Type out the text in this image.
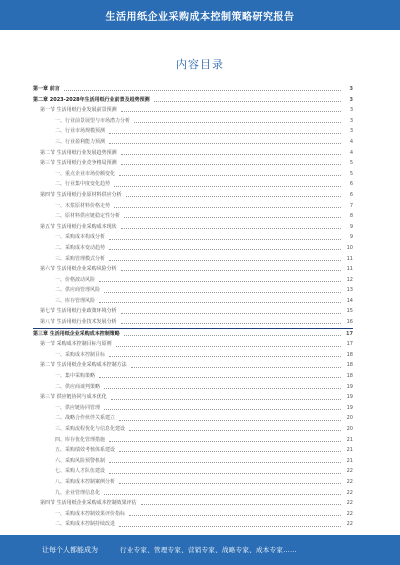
生活用纸企业采购成本控制策略研究报告
内容目录
第一章 前言	3
第二章 2023-2028年生活用纸行业前景及趋势预测	3
第一节 生活用纸行业发展前景预测	3
一、行业前景展望与市场潜力分析	3
二、行业市场规模预测	3
三、行业盈利能力预测	4
第二节 生活用纸行业发展趋势预测	4
第三节 生活用纸行业竞争格局预测	5
一、重点企业市场份额变化	5
二、行业集中度变化趋势	6
第四节 生活用纸行业原材料供应分析	6
一、木浆原材料价格走势	7
二、原材料供应链稳定性分析	8
第五节 生活用纸行业采购成本现状	9
一、采购成本构成分析	9
二、采购成本变动趋势	10
三、采购管理模式分析	11
第六节 生活用纸企业采购风险分析	11
一、价格波动风险	12
二、供应商管理风险	13
三、库存管理风险	14
第七节 生活用纸行业政策环境分析	15
第八节 生活用纸行业技术发展分析	16
第三章 生活用纸企业采购成本控制策略	17
第一节 采购成本控制目标与原则	17
一、采购成本控制目标	18
第二节 生活用纸企业采购成本控制方法	18
一、集中采购策略	18
二、供应商谈判策略	19
第三节 供应链协同与成本优化	19
一、供应链协同管理	19
二、战略合作伙伴关系建立	20
三、采购流程优化与信息化建设	20
四、库存优化管理措施	21
五、采购绩效考核体系建设	21
六、采购风险预警机制	21
七、采购人才队伍建设	22
八、采购成本控制案例分析	22
九、企业管理信息化	22
第四节 生活用纸企业采购成本控制效果评估	22
一、采购成本控制效果评价指标	22
二、采购成本控制持续改进	22
让每个人都能成为	行业专家、管理专家、营销专家、战略专家、成本专家……
